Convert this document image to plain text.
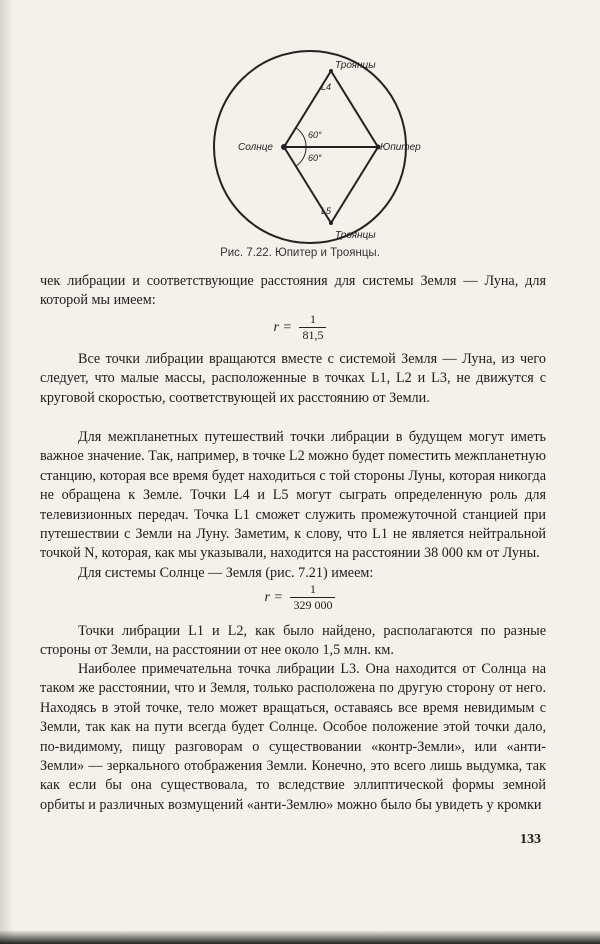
Солнце	Юпитер
Троянцы
Троянцы
60°
60°
L4
L5
Рис. 7.22. Юпитер и Троянцы.

чек либрации и соответствующие расстояния для системы Земля — Луна, для которой мы имеем:

$r = \frac{1}{81,5}$

Все точки либрации вращаются вместе с системой Земля — Луна, из чего следует, что малые массы, расположенные в точках L1, L2 и L3, не движутся с круговой скоростью, соответствующей их расстоянию от Земли.

Для межпланетных путешествий точки либрации в будущем могут иметь важное значение. Так, например, в точке L2 можно будет поместить межпланетную станцию, которая все время будет находиться с той стороны Луны, которая никогда не обращена к Земле. Точки L4 и L5 могут сыграть определенную роль для телевизионных передач. Точка L1 сможет служить промежуточной станцией при путешествии с Земли на Луну. Заметим, к слову, что L1 не является нейтральной точкой N, которая, как мы указывали, находится на расстоянии 38 000 км от Луны.

Для системы Солнце — Земля (рис. 7.21) имеем:

$r = \frac{1}{329 000}$

Точки либрации L1 и L2, как было найдено, располагаются по разные стороны от Земли, на расстоянии от нее около 1,5 млн. км.

Наиболее примечательна точка либрации L3. Она находится от Солнца на таком же расстоянии, что и Земля, только расположена по другую сторону от него. Находясь в этой точке, тело может вращаться, оставаясь все время невидимым с Земли, так как на пути всегда будет Солнце. Особое положение этой точки дало, по-видимому, пищу разговорам о существовании «контр-Земли», или «анти-Земли» — зеркального отображения Земли. Конечно, это всего лишь выдумка, так как если бы она существовала, то вследствие эллиптической формы земной орбиты и различных возмущений «анти-Землю» можно было бы увидеть у кромки

133
